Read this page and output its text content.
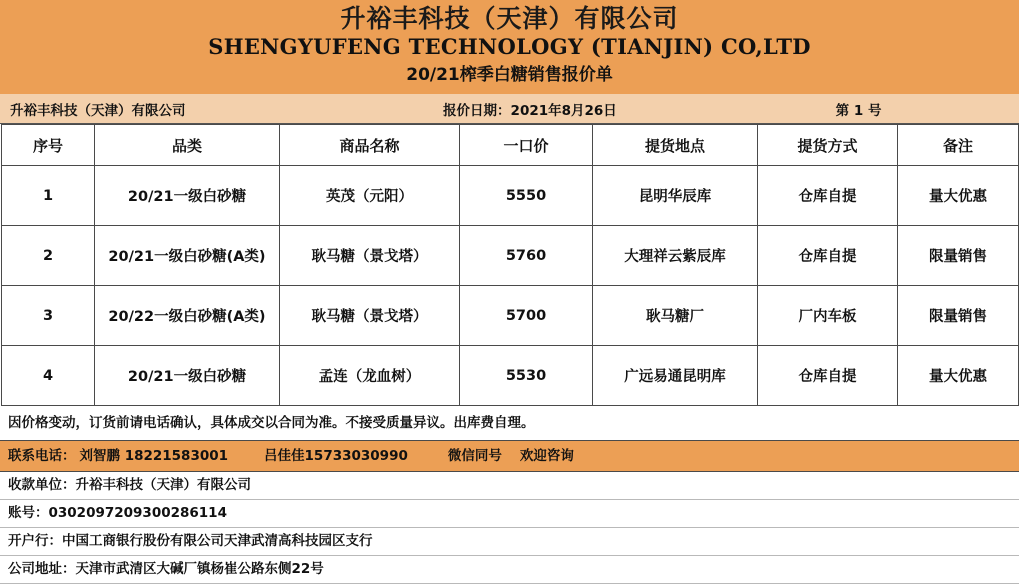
升裕丰科技（天津）有限公司
SHENGYUFENG TECHNOLOGY (TIANJIN) CO,LTD
20/21榨季白糖销售报价单
升裕丰科技（天津）有限公司	报价日期：2021年8月26日	第 1 号
序号	品类	商品名称	一口价	提货地点	提货方式	备注
1	20/21一级白砂糖	英茂（元阳）	5550	昆明华辰库	仓库自提	量大优惠
2	20/21一级白砂糖(A类)	耿马糖（景戈塔）	5760	大理祥云紫辰库	仓库自提	限量销售
3	20/22一级白砂糖(A类)	耿马糖（景戈塔）	5700	耿马糖厂	厂内车板	限量销售
4	20/21一级白砂糖	孟连（龙血树）	5530	广远易通昆明库	仓库自提	量大优惠
因价格变动，订货前请电话确认，具体成交以合同为准。不接受质量异议。出库费自理。
联系电话： 刘智鹏 18221583001	吕佳佳15733030990	微信同号 欢迎咨询
收款单位：升裕丰科技（天津）有限公司
账号：0302097209300286114
开户行：中国工商银行股份有限公司天津武清高科技园区支行
公司地址：天津市武清区大碱厂镇杨崔公路东侧22号
